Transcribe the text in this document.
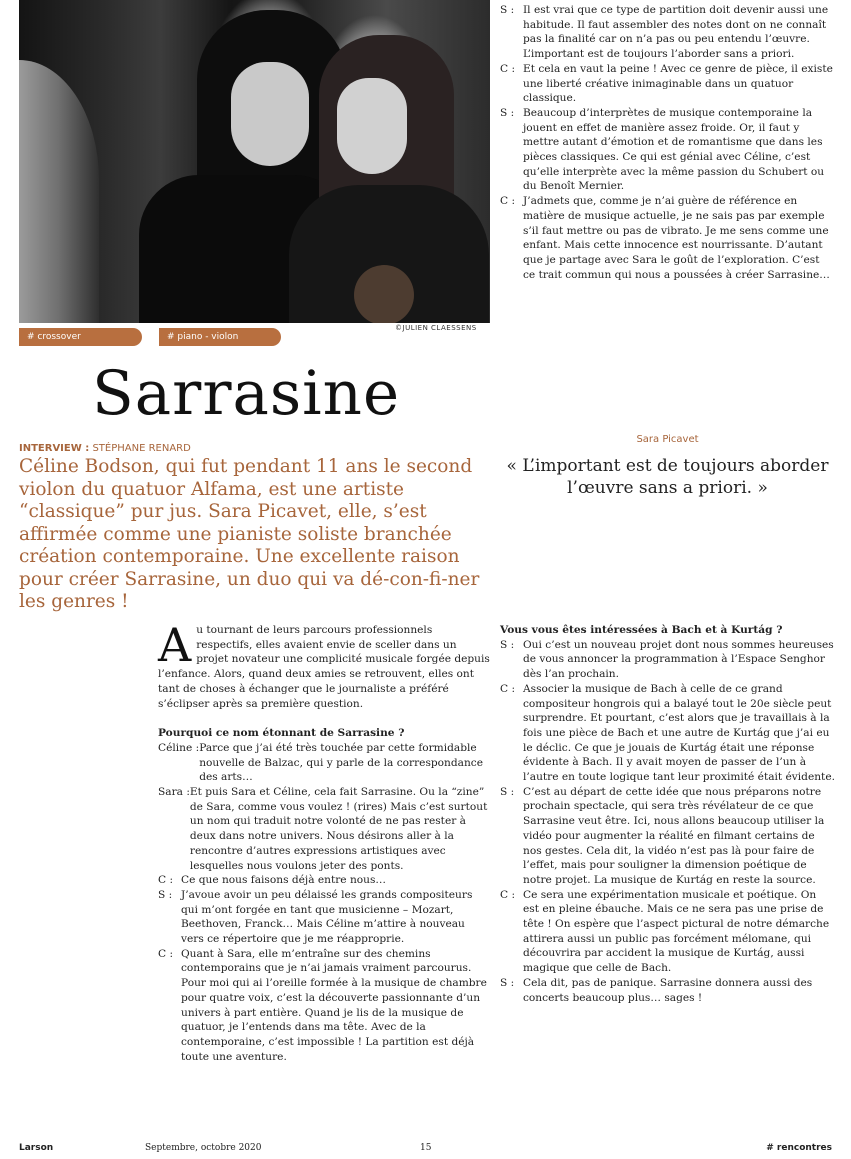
©JULIEN CLAESSENS
# crossover	# piano - violon
Sarrasine
INTERVIEW : STÉPHANE RENARD

Céline Bodson, qui fut pendant 11 ans le second violon du quatuor Alfama, est une artiste “classique” pur jus. Sara Picavet, elle, s’est affirmée comme une pianiste soliste branchée création contemporaine. Une excellente raison pour créer Sarrasine, un duo qui va dé-con-fi-ner les genres !

Sara Picavet
« L’important est de toujours aborder l’œuvre sans a priori. »
S : Il est vrai que ce type de partition doit devenir aussi une habitude. Il faut assembler des notes dont on ne connaît pas la finalité car on n’a pas ou peu entendu l’œuvre. L’important est de toujours l’aborder sans a priori.
C : Et cela en vaut la peine ! Avec ce genre de pièce, il existe une liberté créative inimaginable dans un quatuor classique.
S : Beaucoup d’interprètes de musique contemporaine la jouent en effet de manière assez froide. Or, il faut y mettre autant d’émotion et de romantisme que dans les pièces classiques. Ce qui est génial avec Céline, c’est qu’elle interprète avec la même passion du Schubert ou du Benoît Mernier.
C : J’admets que, comme je n’ai guère de référence en matière de musique actuelle, je ne sais pas par exemple s’il faut mettre ou pas de vibrato. Je me sens comme une enfant. Mais cette innocence est nourrissante. D’autant que je partage avec Sara le goût de l’exploration. C’est ce trait commun qui nous a poussées à créer Sarrasine…

Au tournant de leurs parcours professionnels respectifs, elles avaient envie de sceller dans un projet novateur une complicité musicale forgée depuis l’enfance. Alors, quand deux amies se retrouvent, elles ont tant de choses à échanger que le journaliste a préféré s’éclipser après sa première question.

Pourquoi ce nom étonnant de Sarrasine ?

Céline : Parce que j’ai été très touchée par cette formidable nouvelle de Balzac, qui y parle de la correspondance des arts…
Sara : Et puis Sara et Céline, cela fait Sarrasine. Ou la “zine” de Sara, comme vous voulez ! (rires) Mais c’est surtout un nom qui traduit notre volonté de ne pas rester à deux dans notre univers. Nous désirons aller à la rencontre d’autres expressions artistiques avec lesquelles nous voulons jeter des ponts.
C : Ce que nous faisons déjà entre nous…
S : J’avoue avoir un peu délaissé les grands compositeurs qui m’ont forgée en tant que musicienne – Mozart, Beethoven, Franck… Mais Céline m’attire à nouveau vers ce répertoire que je me réapproprie.
C : Quant à Sara, elle m’entraîne sur des chemins contemporains que je n’ai jamais vraiment parcourus. Pour moi qui ai l’oreille formée à la musique de chambre pour quatre voix, c’est la découverte passionnante d’un univers à part entière. Quand je lis de la musique de quatuor, je l’entends dans ma tête. Avec de la contemporaine, c’est impossible ! La partition est déjà toute une aventure.

Vous vous êtes intéressées à Bach et à Kurtág ?

S : Oui c’est un nouveau projet dont nous sommes heureuses de vous annoncer la programmation à l’Espace Senghor dès l’an prochain.
C : Associer la musique de Bach à celle de ce grand compositeur hongrois qui a balayé tout le 20e siècle peut surprendre. Et pourtant, c’est alors que je travaillais à la fois une pièce de Bach et une autre de Kurtág que j’ai eu le déclic. Ce que je jouais de Kurtág était une réponse évidente à Bach. Il y avait moyen de passer de l’un à l’autre en toute logique tant leur proximité était évidente.
S : C’est au départ de cette idée que nous préparons notre prochain spectacle, qui sera très révélateur de ce que Sarrasine veut être. Ici, nous allons beaucoup utiliser la vidéo pour augmenter la réalité en filmant certains de nos gestes. Cela dit, la vidéo n’est pas là pour faire de l’effet, mais pour souligner la dimension poétique de notre projet. La musique de Kurtág en reste la source.
C : Ce sera une expérimentation musicale et poétique. On est en pleine ébauche. Mais ce ne sera pas une prise de tête ! On espère que l’aspect pictural de notre démarche attirera aussi un public pas forcément mélomane, qui découvrira par accident la musique de Kurtág, aussi magique que celle de Bach.
S : Cela dit, pas de panique. Sarrasine donnera aussi des concerts beaucoup plus… sages !
Larson	Septembre, octobre 2020	15	# rencontres
